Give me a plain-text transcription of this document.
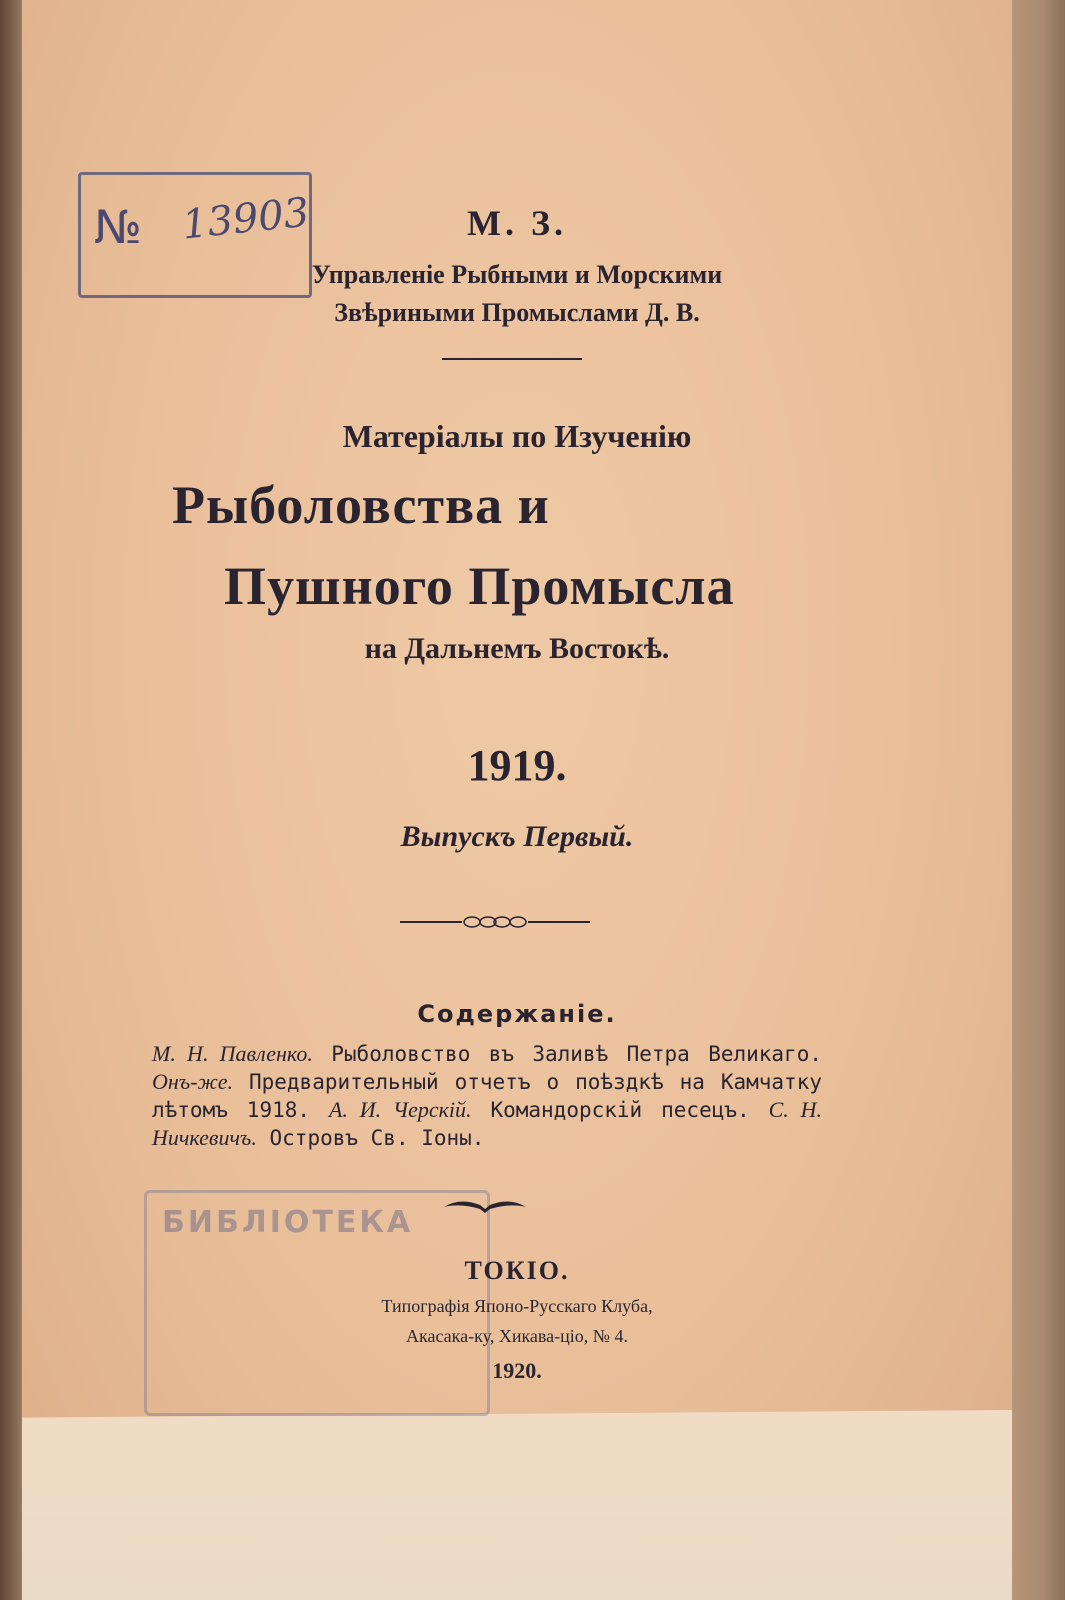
№ 13903
БИБЛІОТЕКА
М. З.
Управленіе Рыбными и Морскими
Звѣриными Промыслами Д. В.
Матеріалы по Изученію
Рыболовства и
Пушного Промысла
на Дальнемъ Востокѣ.
1919.
Выпускъ Первый.
Содержаніе.
М. Н. Павленко. Рыболовство въ Заливѣ Петра Великаго. Онъ-же. Предварительный отчетъ о поѣздкѣ на Камчатку лѣтомъ 1918. А. И. Черскій. Командорскій песецъ. С. Н. Ничкевичъ. Островъ Св. Іоны.
ТОКІО.
Типографія Японо-Русскаго Клуба,
Акасака-ку, Хикава-ціо, № 4.
1920.
